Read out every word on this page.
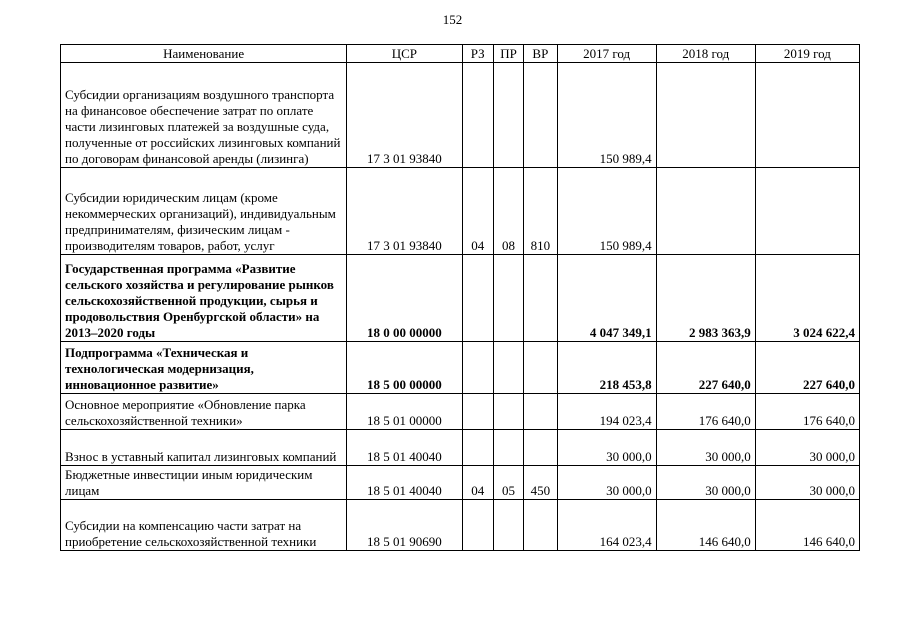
152
Наименование	ЦСР	РЗ	ПР	ВР	2017 год	2018 год	2019 год
Субсидии организациям воздушного транспорта на финансовое обеспечение затрат по оплате части лизинговых платежей за воздушные суда, полученные от российских лизинговых компаний по договорам финансовой аренды (лизинга)	17 3 01 93840				150 989,4		
Субсидии юридическим лицам (кроме некоммерческих организаций), индивидуальным предпринимателям, физическим лицам - производителям товаров, работ, услуг	17 3 01 93840	04	08	810	150 989,4		
Государственная программа «Развитие сельского хозяйства и регулирование рынков сельскохозяйственной продукции, сырья и продовольствия Оренбургской области» на 2013–2020 годы	18 0 00 00000				4 047 349,1	2 983 363,9	3 024 622,4
Подпрограмма «Техническая и технологическая модернизация, инновационное развитие»	18 5 00 00000				218 453,8	227 640,0	227 640,0
Основное мероприятие «Обновление парка сельскохозяйственной техники»	18 5 01 00000				194 023,4	176 640,0	176 640,0
Взнос в уставный капитал лизинговых компаний	18 5 01 40040				30 000,0	30 000,0	30 000,0
Бюджетные инвестиции иным юридическим лицам	18 5 01 40040	04	05	450	30 000,0	30 000,0	30 000,0
Субсидии на компенсацию части затрат на приобретение сельскохозяйственной техники	18 5 01 90690				164 023,4	146 640,0	146 640,0
